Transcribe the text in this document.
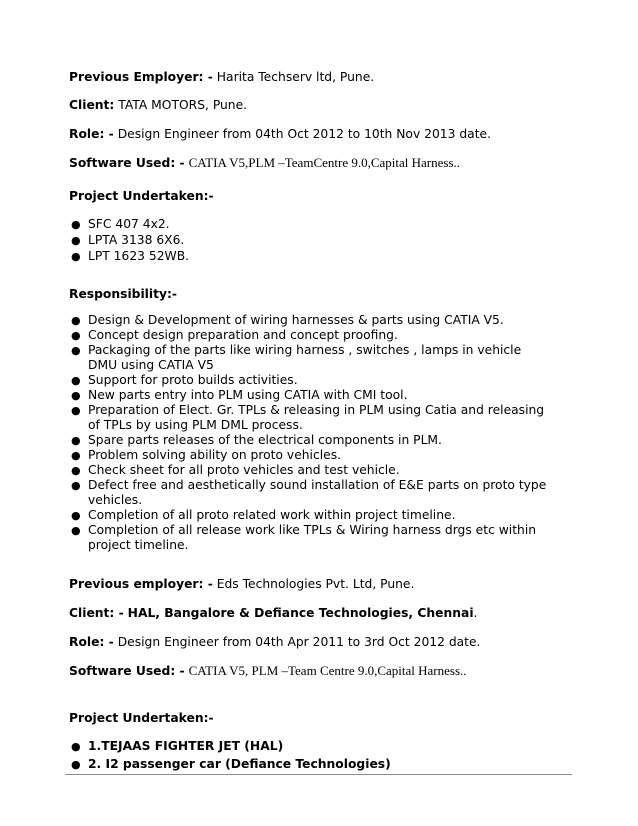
Previous Employer: - Harita Techserv ltd, Pune.
Client: TATA MOTORS, Pune.
Role: - Design Engineer from 04th Oct 2012 to 10th Nov 2013 date.
Software Used: - CATIA V5,PLM –TeamCentre 9.0,Capital Harness..
Project Undertaken:-
● SFC 407 4x2.
● LPTA 3138 6X6.
● LPT 1623 52WB.
Responsibility:-
● Design & Development of wiring harnesses & parts using CATIA V5.
● Concept design preparation and concept proofing.
● Packaging of the parts like wiring harness , switches , lamps in vehicle DMU using CATIA V5
● Support for proto builds activities.
● New parts entry into PLM using CATIA with CMI tool.
● Preparation of Elect. Gr. TPLs & releasing in PLM using Catia and releasing of TPLs by using PLM DML process.
● Spare parts releases of the electrical components in PLM.
● Problem solving ability on proto vehicles.
● Check sheet for all proto vehicles and test vehicle.
● Defect free and aesthetically sound installation of E&E parts on proto type vehicles.
● Completion of all proto related work within project timeline.
● Completion of all release work like TPLs & Wiring harness drgs etc within project timeline.
Previous employer: - Eds Technologies Pvt. Ltd, Pune.
Client: - HAL, Bangalore & Defiance Technologies, Chennai.
Role: - Design Engineer from 04th Apr 2011 to 3rd Oct 2012 date.
Software Used: - CATIA V5, PLM –Team Centre 9.0,Capital Harness..
Project Undertaken:-
● 1.TEJAAS FIGHTER JET (HAL)
● 2. I2 passenger car (Defiance Technologies)
